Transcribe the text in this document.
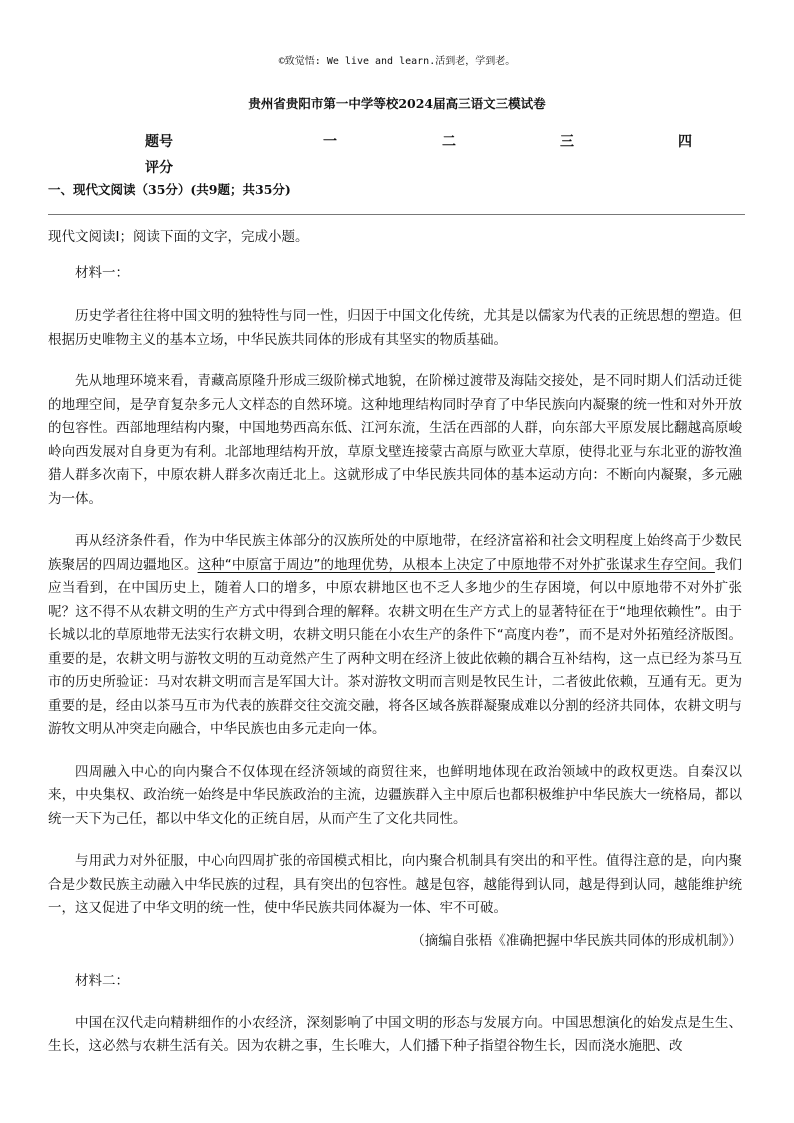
©致觉悟: We live and learn.活到老，学到老。
贵州省贵阳市第一中学等校2024届高三语文三模试卷
题号	一	二	三	四
评分
一、现代文阅读（35分）(共9题；共35分)

现代文阅读I；阅读下面的文字，完成小题。

材料一：

历史学者往往将中国文明的独特性与同一性，归因于中国文化传统，尤其是以儒家为代表的正统思想的塑造。但根据历史唯物主义的基本立场，中华民族共同体的形成有其坚实的物质基础。

先从地理环境来看，青藏高原隆升形成三级阶梯式地貌，在阶梯过渡带及海陆交接处，是不同时期人们活动迁徙的地理空间，是孕育复杂多元人文样态的自然环境。这种地理结构同时孕育了中华民族向内凝聚的统一性和对外开放的包容性。西部地理结构内聚，中国地势西高东低、江河东流，生活在西部的人群，向东部大平原发展比翻越高原峻岭向西发展对自身更为有利。北部地理结构开放，草原戈壁连接蒙古高原与欧亚大草原，使得北亚与东北亚的游牧渔猎人群多次南下，中原农耕人群多次南迁北上。这就形成了中华民族共同体的基本运动方向：不断向内凝聚，多元融为一体。

再从经济条件看，作为中华民族主体部分的汉族所处的中原地带，在经济富裕和社会文明程度上始终高于少数民族聚居的四周边疆地区。这种“中原富于周边”的地理优势，从根本上决定了中原地带不对外扩张谋求生存空间。我们应当看到，在中国历史上，随着人口的增多，中原农耕地区也不乏人多地少的生存困境，何以中原地带不对外扩张呢？这不得不从农耕文明的生产方式中得到合理的解释。农耕文明在生产方式上的显著特征在于“地理依赖性”。由于长城以北的草原地带无法实行农耕文明，农耕文明只能在小农生产的条件下“高度内卷”，而不是对外拓殖经济版图。重要的是，农耕文明与游牧文明的互动竟然产生了两种文明在经济上彼此依赖的耦合互补结构，这一点已经为茶马互市的历史所验证：马对农耕文明而言是军国大计。茶对游牧文明而言则是牧民生计，二者彼此依赖，互通有无。更为重要的是，经由以茶马互市为代表的族群交往交流交融，将各区域各族群凝聚成难以分割的经济共同体，农耕文明与游牧文明从冲突走向融合，中华民族也由多元走向一体。

四周融入中心的向内聚合不仅体现在经济领域的商贸往来，也鲜明地体现在政治领域中的政权更迭。自秦汉以来，中央集权、政治统一始终是中华民族政治的主流，边疆族群入主中原后也都积极维护中华民族大一统格局，都以统一天下为己任，都以中华文化的正统自居，从而产生了文化共同性。

与用武力对外征服，中心向四周扩张的帝国模式相比，向内聚合机制具有突出的和平性。值得注意的是，向内聚合是少数民族主动融入中华民族的过程，具有突出的包容性。越是包容，越能得到认同，越是得到认同，越能维护统一，这又促进了中华文明的统一性，使中华民族共同体凝为一体、牢不可破。

（摘编自张梧《准确把握中华民族共同体的形成机制》）

材料二：

中国在汉代走向精耕细作的小农经济，深刻影响了中国文明的形态与发展方向。中国思想演化的始发点是生生、生长，这必然与农耕生活有关。因为农耕之事，生长唯大，人们播下种子指望谷物生长，因而浇水施肥、改
